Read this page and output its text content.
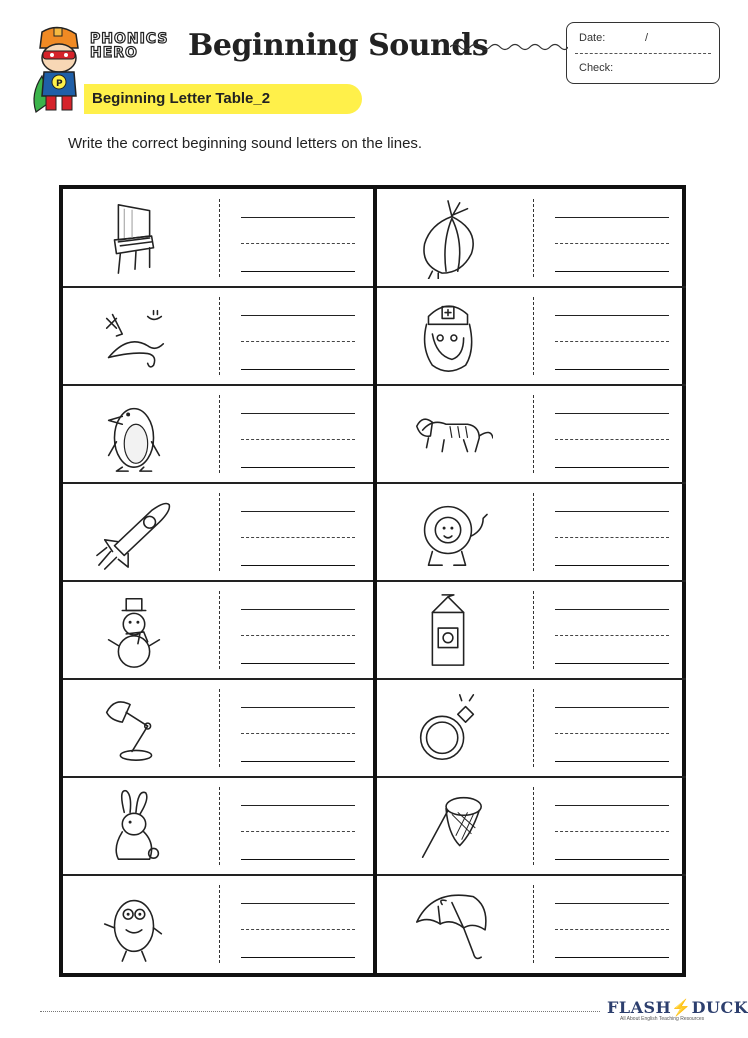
P
PHONICS
HERO	Beginning Sounds	Date:	/
Check:
Beginning Letter Table_2
Write the correct beginning sound letters on the lines.
FLASH⚡DUCK
All About English Teaching Resources
